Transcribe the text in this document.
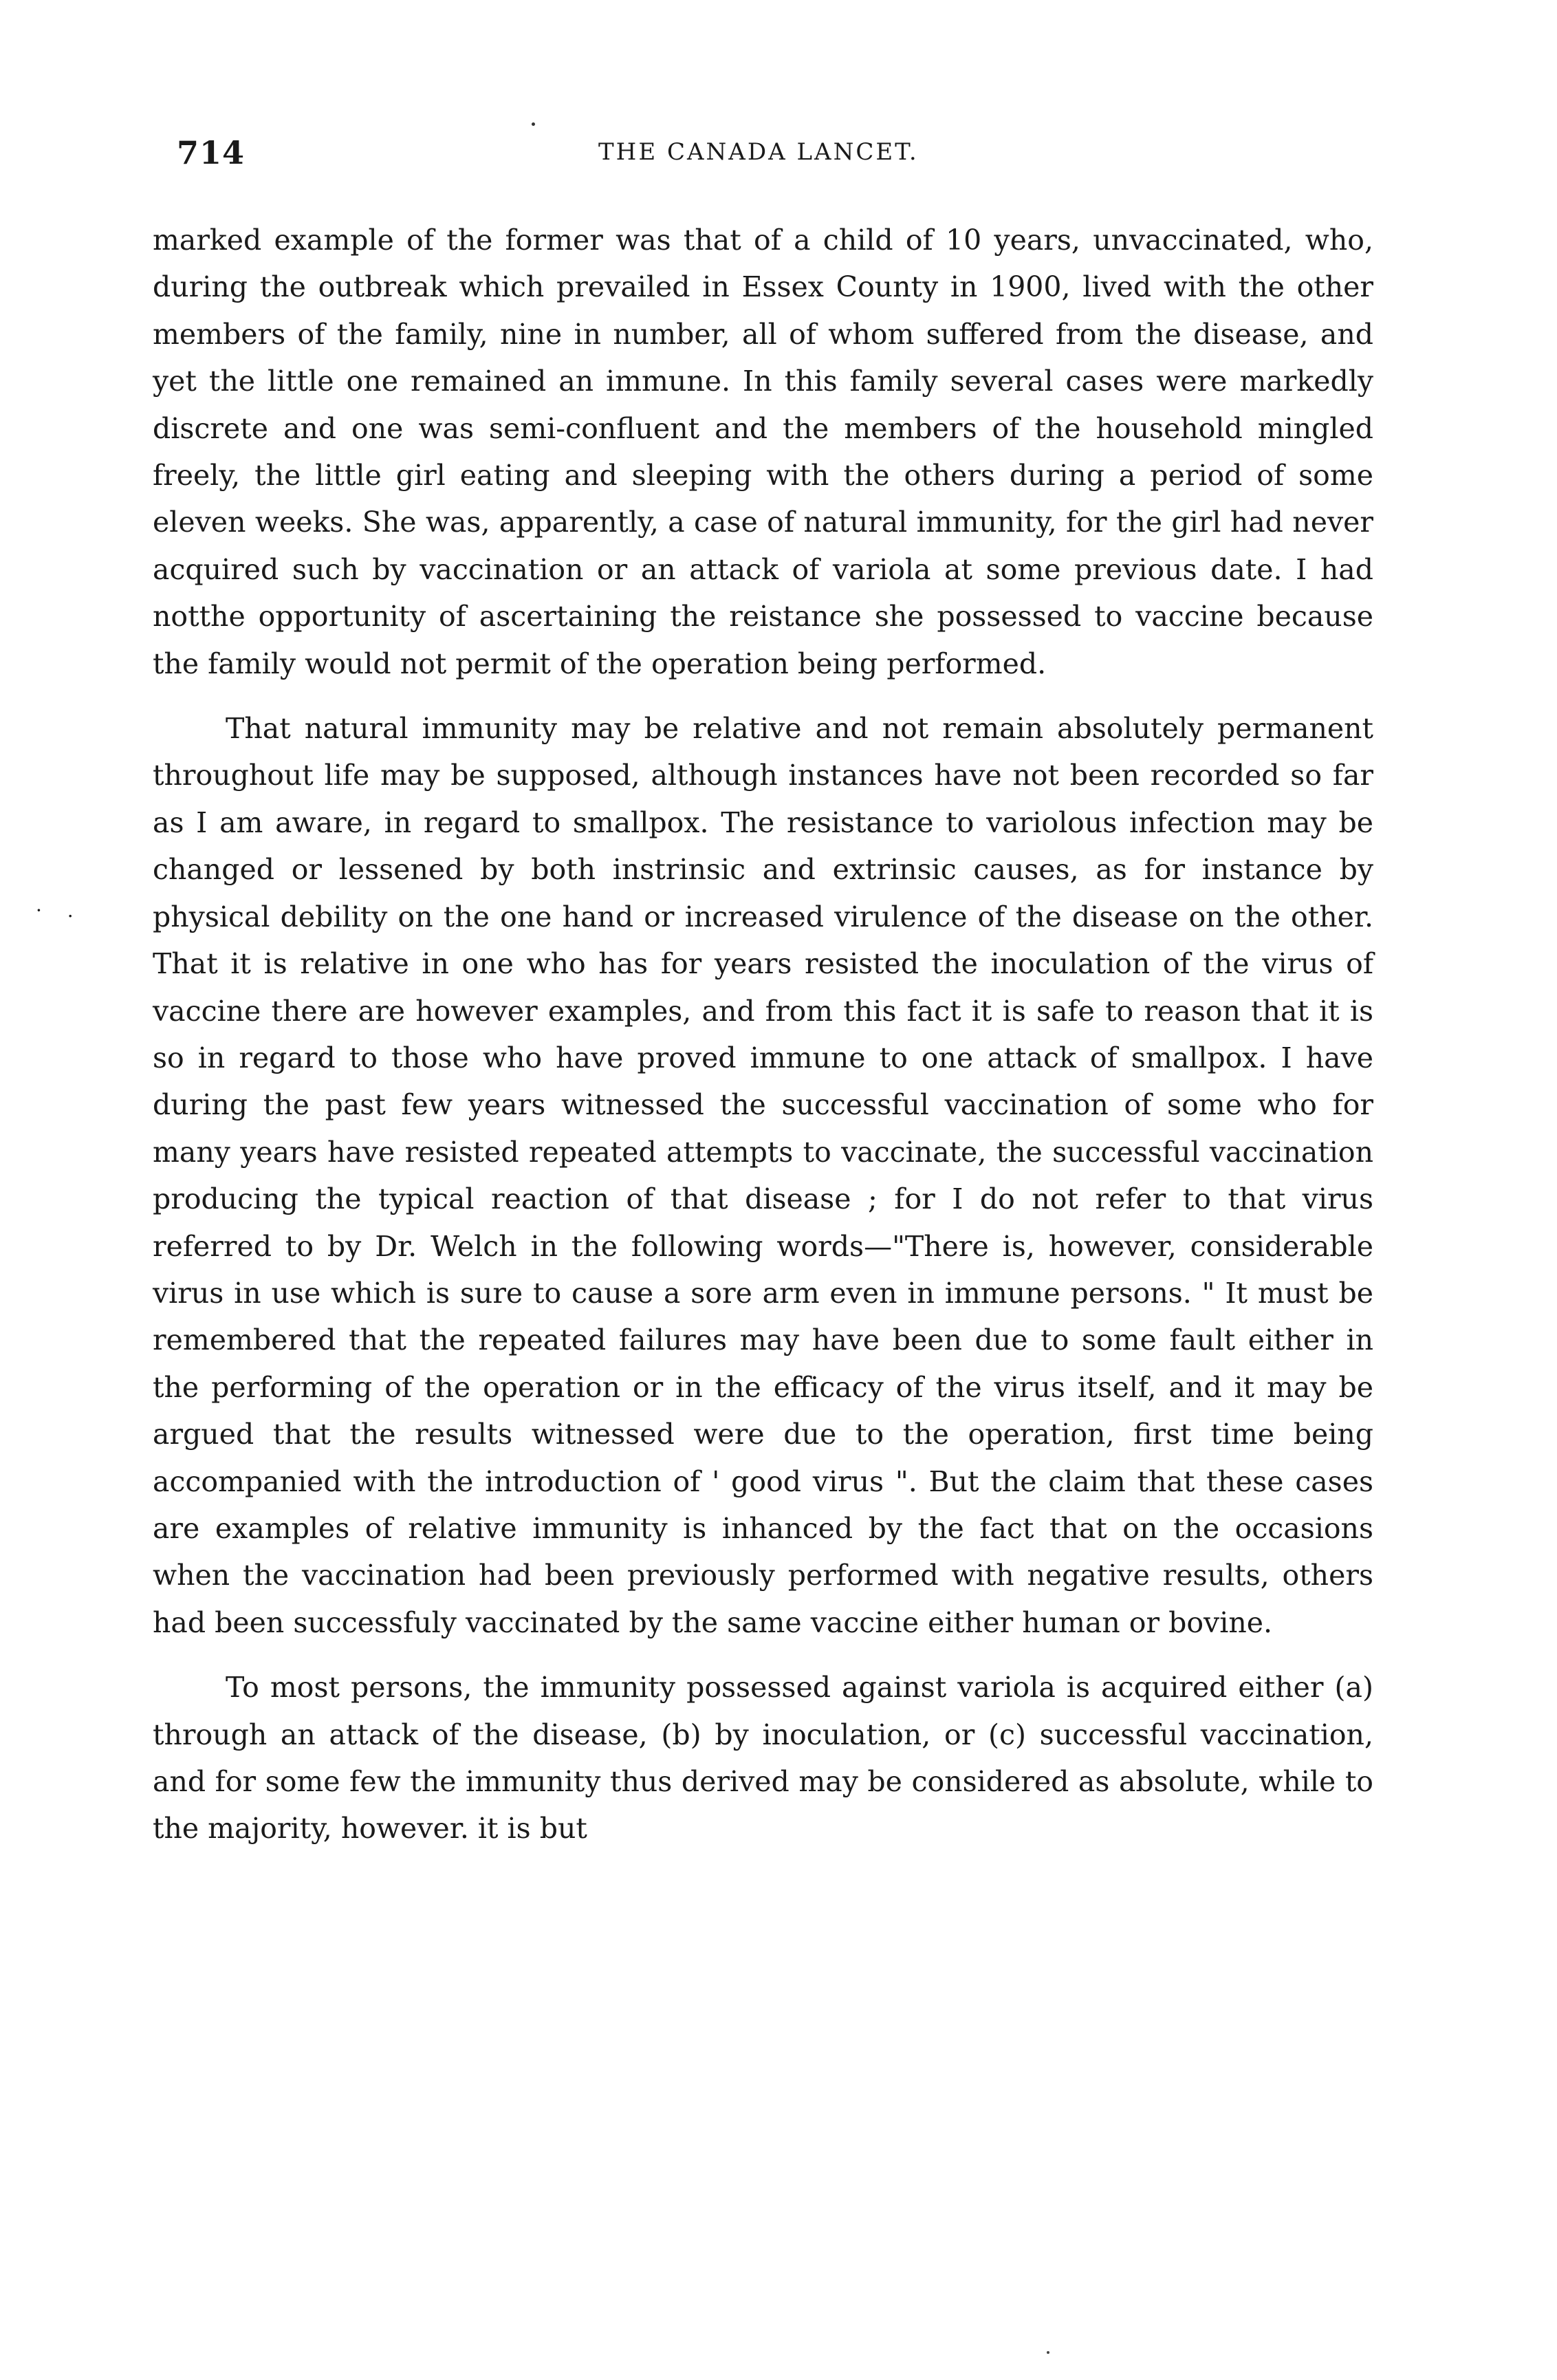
714	THE CANADA LANCET.
· .

marked example of the former was that of a child of 10 years, unvaccinated, who, during the outbreak which prevailed in Essex County in 1900, lived with the other members of the family, nine in number, all of whom suffered from the disease, and yet the little one remained an immune. In this family several cases were markedly discrete and one was semi-confluent and the members of the household mingled freely, the little girl eating and sleeping with the others during a period of some eleven weeks. She was, apparently, a case of natural immunity, for the girl had never acquired such by vaccination or an attack of variola at some previous date. I had notthe opportunity of ascertaining the reistance she possessed to vaccine because the family would not permit of the operation being performed.

That natural immunity may be relative and not remain absolutely permanent throughout life may be supposed, although instances have not been recorded so far as I am aware, in regard to smallpox. The resistance to variolous infection may be changed or lessened by both instrinsic and extrinsic causes, as for instance by physical debility on the one hand or increased virulence of the disease on the other. That it is relative in one who has for years resisted the inoculation of the virus of vaccine there are however examples, and from this fact it is safe to reason that it is so in regard to those who have proved immune to one attack of smallpox. I have during the past few years witnessed the successful vaccination of some who for many years have resisted repeated attempts to vaccinate, the successful vaccination producing the typical reaction of that disease ; for I do not refer to that virus referred to by Dr. Welch in the following words—"There is, however, considerable virus in use which is sure to cause a sore arm even in immune persons. " It must be remembered that the repeated failures may have been due to some fault either in the performing of the operation or in the efficacy of the virus itself, and it may be argued that the results witnessed were due to the operation, first time being accompanied with the introduction of ' good virus ". But the claim that these cases are examples of relative immunity is inhanced by the fact that on the occasions when the vaccination had been previously performed with negative results, others had been successfuly vaccinated by the same vaccine either human or bovine.

To most persons, the immunity possessed against variola is acquired either (a) through an attack of the disease, (b) by inoculation, or (c) successful vaccination, and for some few the immunity thus derived may be considered as absolute, while to the majority, however. it is but
